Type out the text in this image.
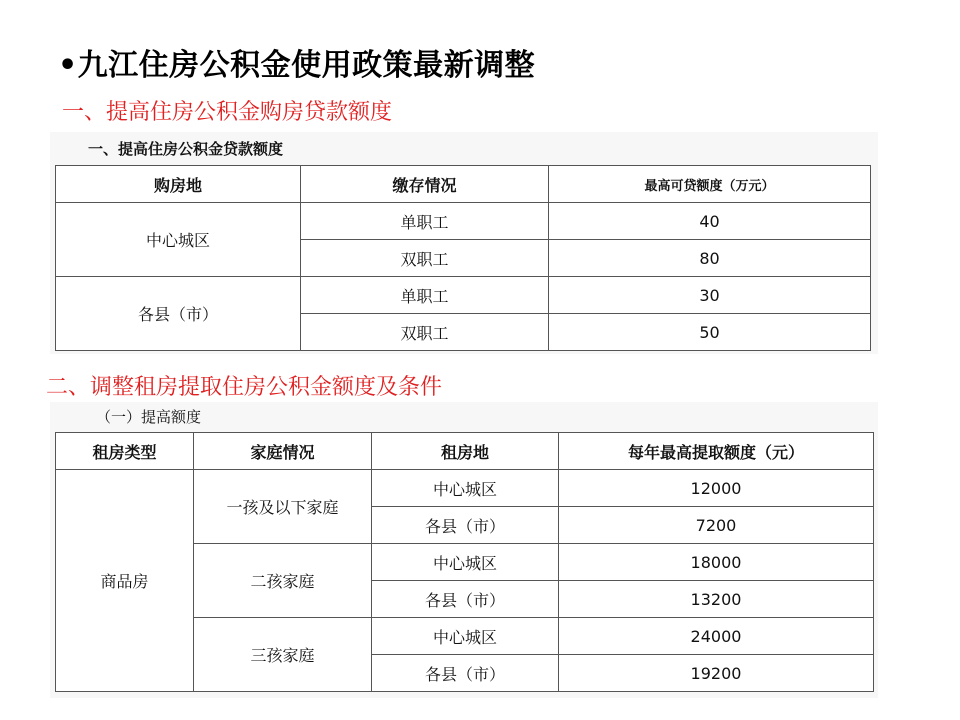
•九江住房公积金使用政策最新调整
一、提高住房公积金购房贷款额度
一、提高住房公积金贷款额度
购房地	缴存情况	最高可贷额度（万元）
中心城区	单职工	40
	双职工	80
各县（市）	单职工	30
	双职工	50
二、调整租房提取住房公积金额度及条件
（一）提高额度
租房类型	家庭情况	租房地	每年最高提取额度（元）
商品房	一孩及以下家庭	中心城区	12000
		各县（市）	7200
	二孩家庭	中心城区	18000
		各县（市）	13200
	三孩家庭	中心城区	24000
		各县（市）	19200
